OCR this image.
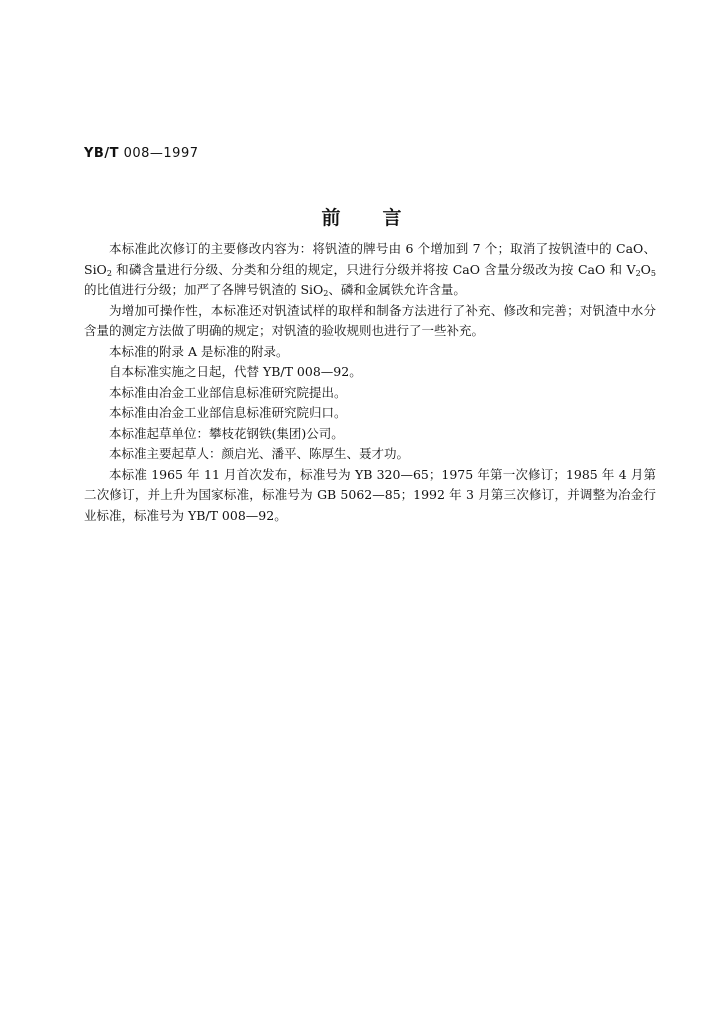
YB/T 008—1997
前言

本标准此次修订的主要修改内容为：将钒渣的牌号由 6 个增加到 7 个；取消了按钒渣中的 CaO、SiO$_2$ 和磷含量进行分级、分类和分组的规定，只进行分级并将按 CaO 含量分级改为按 CaO 和 $V_2O_5$ 的比值进行分级；加严了各牌号钒渣的 SiO$_2$、磷和金属铁允许含量。

为增加可操作性，本标准还对钒渣试样的取样和制备方法进行了补充、修改和完善；对钒渣中水分含量的测定方法做了明确的规定；对钒渣的验收规则也进行了一些补充。

本标准的附录 A 是标准的附录。

自本标准实施之日起，代替 YB/T 008—92。

本标准由冶金工业部信息标准研究院提出。

本标准由冶金工业部信息标准研究院归口。

本标准起草单位：攀枝花钢铁(集团)公司。

本标准主要起草人：颜启光、潘平、陈厚生、聂才功。

本标准 1965 年 11 月首次发布，标准号为 YB 320—65；1975 年第一次修订；1985 年 4 月第二次修订，并上升为国家标准，标准号为 GB 5062—85；1992 年 3 月第三次修订，并调整为冶金行业标准，标准号为 YB/T 008—92。
